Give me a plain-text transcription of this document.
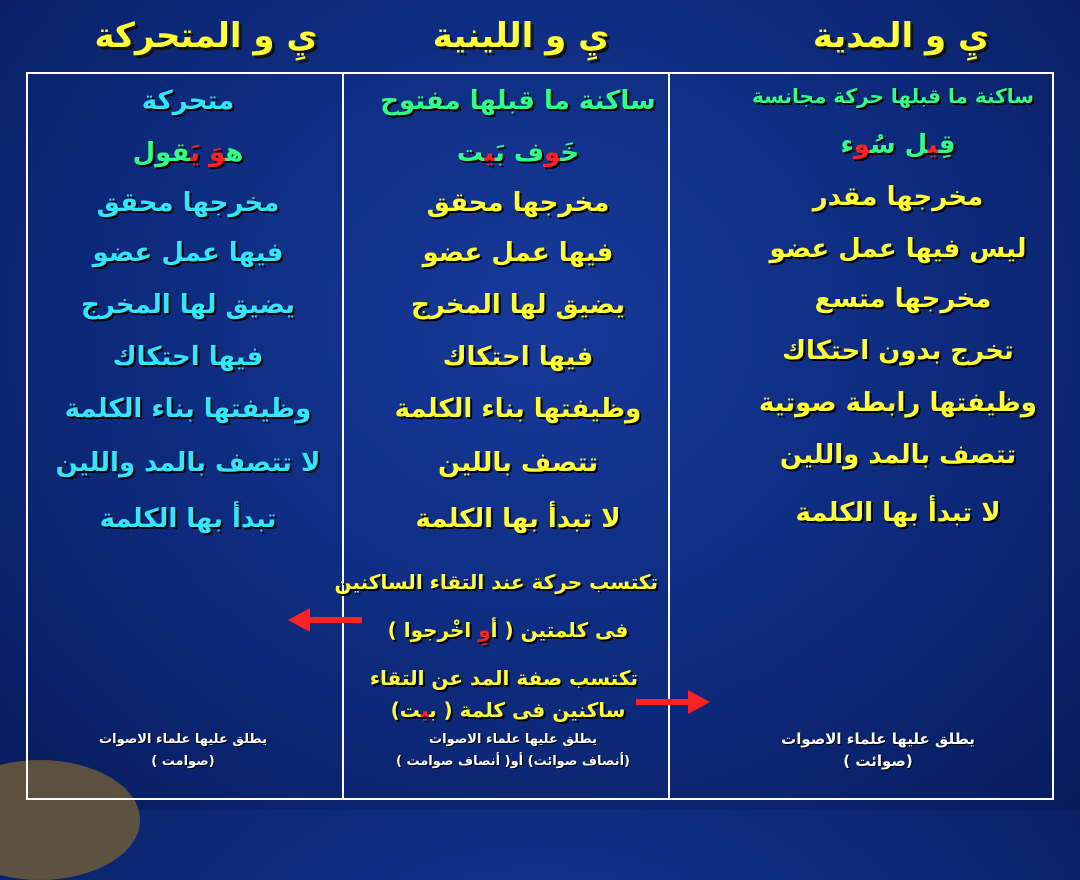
يِ و المدية
يِ و اللينية
يِ و المتحركة
ساكنة ما قبلها حركة مجانسة
قِيل سُوء
مخرجها مقدر
ليس فيها عمل عضو
مخرجها متسع
تخرج بدون احتكاك
وظيفتها رابطة صوتية
تتصف بالمد واللين
لا تبدأ بها الكلمة
يطلق عليها علماء الاصوات
(صوائت )
ساكنة ما قبلها مفتوح
خَوف بَيت
مخرجها محقق
فيها عمل عضو
يضيق لها المخرج
فيها احتكاك
وظيفتها بناء الكلمة
تتصف باللين
لا تبدأ بها الكلمة
تكتسب حركة عند التقاء الساكنين
فى كلمتين ( أوِ اخْرجوا )
تكتسب صفة المد عن التقاء
ساكنين فى كلمة ( بيت)
يطلق عليها علماء الاصوات
(أنصاف صوائت) أو( أنصاف صوامت )
متحركة
هوَ يَقول
مخرجها محقق
فيها عمل عضو
يضيق لها المخرج
فيها احتكاك
وظيفتها بناء الكلمة
لا تتصف بالمد واللين
تبدأ بها الكلمة
يطلق عليها علماء الاصوات
(صوامت )
